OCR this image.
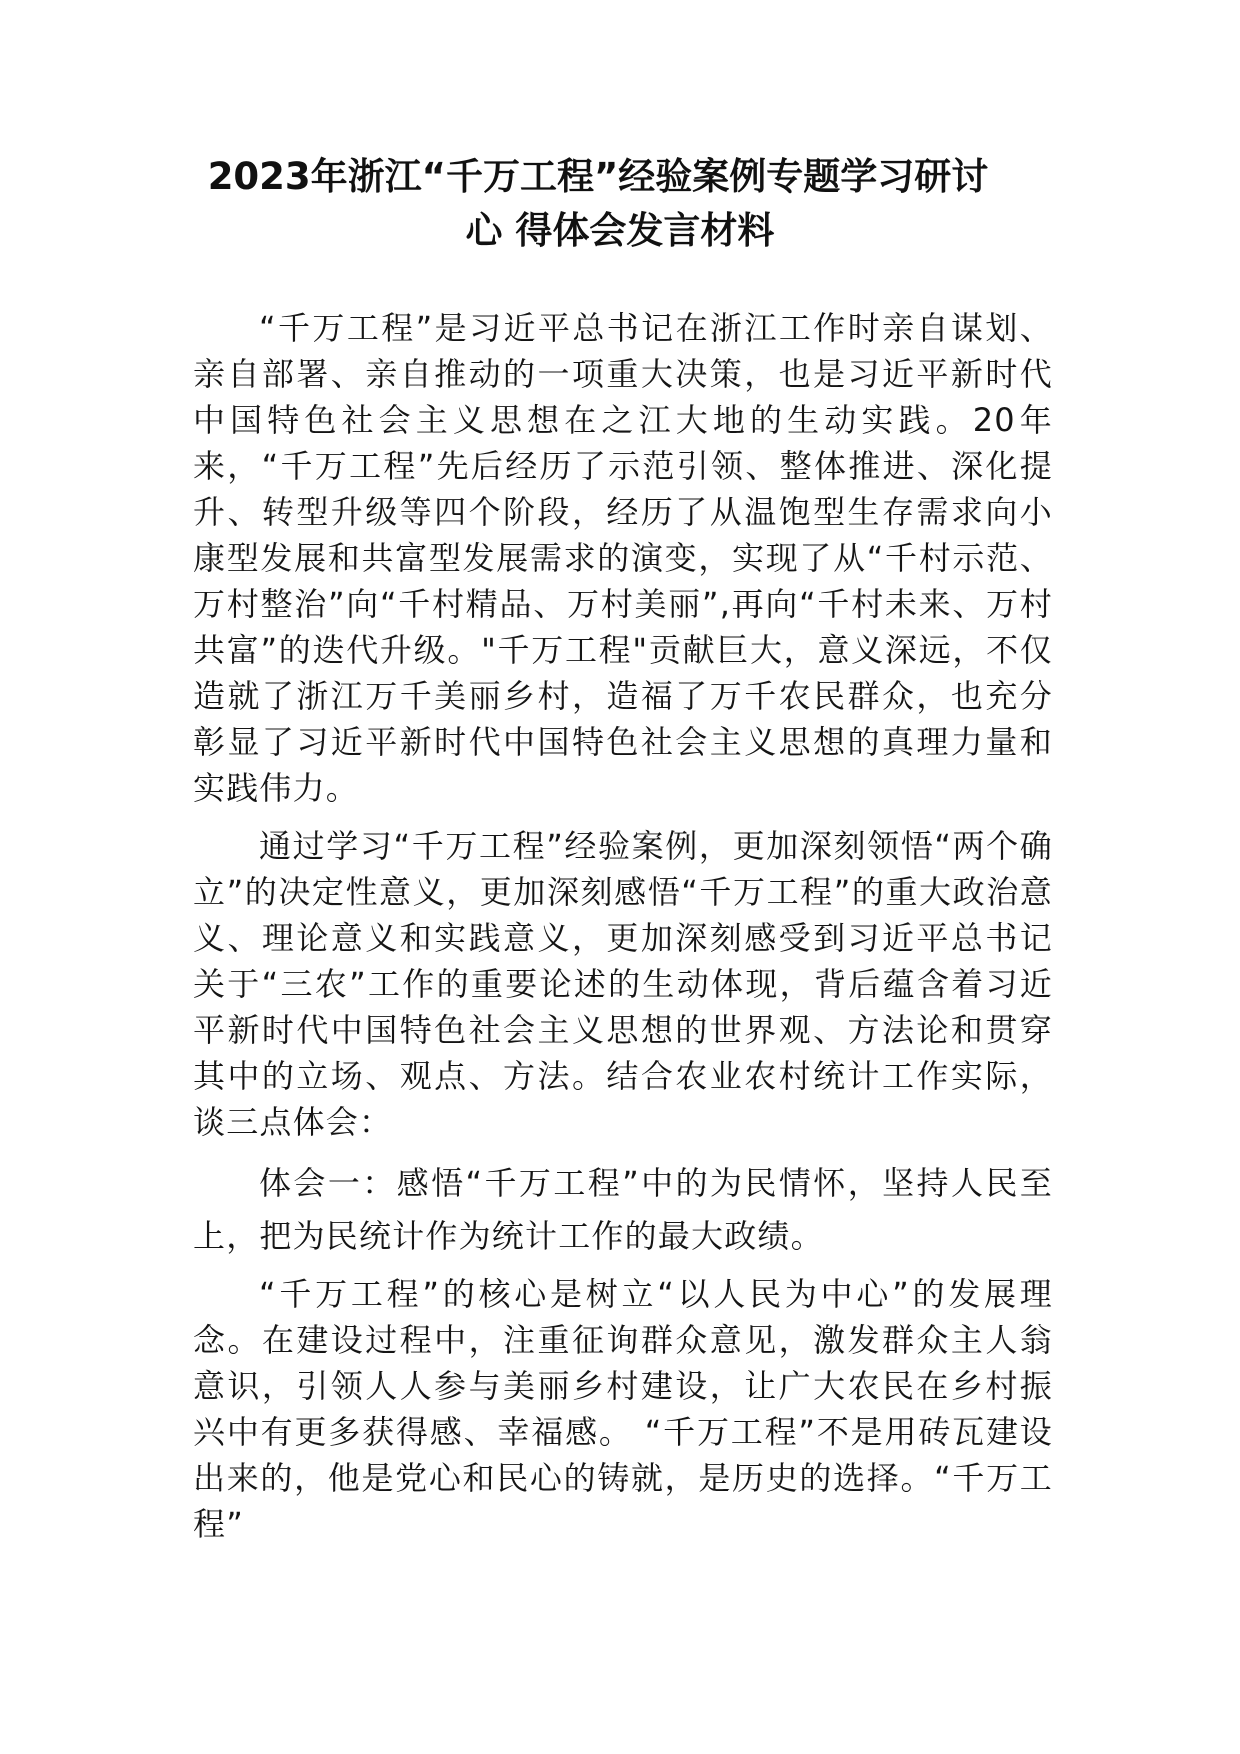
2023年浙江“千万工程”经验案例专题学习研讨
心 得体会发言材料

“千万工程”是习近平总书记在浙江工作时亲自谋划、亲自部署、亲自推动的一项重大决策，也是习近平新时代中国特色社会主义思想在之江大地的生动实践。20年来，“千万工程”先后经历了示范引领、整体推进、深化提升、转型升级等四个阶段，经历了从温饱型生存需求向小康型发展和共富型发展需求的演变，实现了从“千村示范、万村整治”向“千村精品、万村美丽”,再向“千村未来、万村共富”的迭代升级。"千万工程"贡献巨大，意义深远，不仅造就了浙江万千美丽乡村，造福了万千农民群众，也充分彰显了习近平新时代中国特色社会主义思想的真理力量和实践伟力。

通过学习“千万工程”经验案例，更加深刻领悟“两个确立”的决定性意义，更加深刻感悟“千万工程”的重大政治意义、理论意义和实践意义，更加深刻感受到习近平总书记关于“三农”工作的重要论述的生动体现，背后蕴含着习近平新时代中国特色社会主义思想的世界观、方法论和贯穿其中的立场、观点、方法。结合农业农村统计工作实际，谈三点体会：

体会一：感悟“千万工程”中的为民情怀，坚持人民至上，把为民统计作为统计工作的最大政绩。

“千万工程”的核心是树立“以人民为中心”的发展理念。在建设过程中，注重征询群众意见，激发群众主人翁意识，引领人人参与美丽乡村建设，让广大农民在乡村振兴中有更多获得感、幸福感。 “千万工程”不是用砖瓦建设出来的，他是党心和民心的铸就，是历史的选择。“千万工程”
